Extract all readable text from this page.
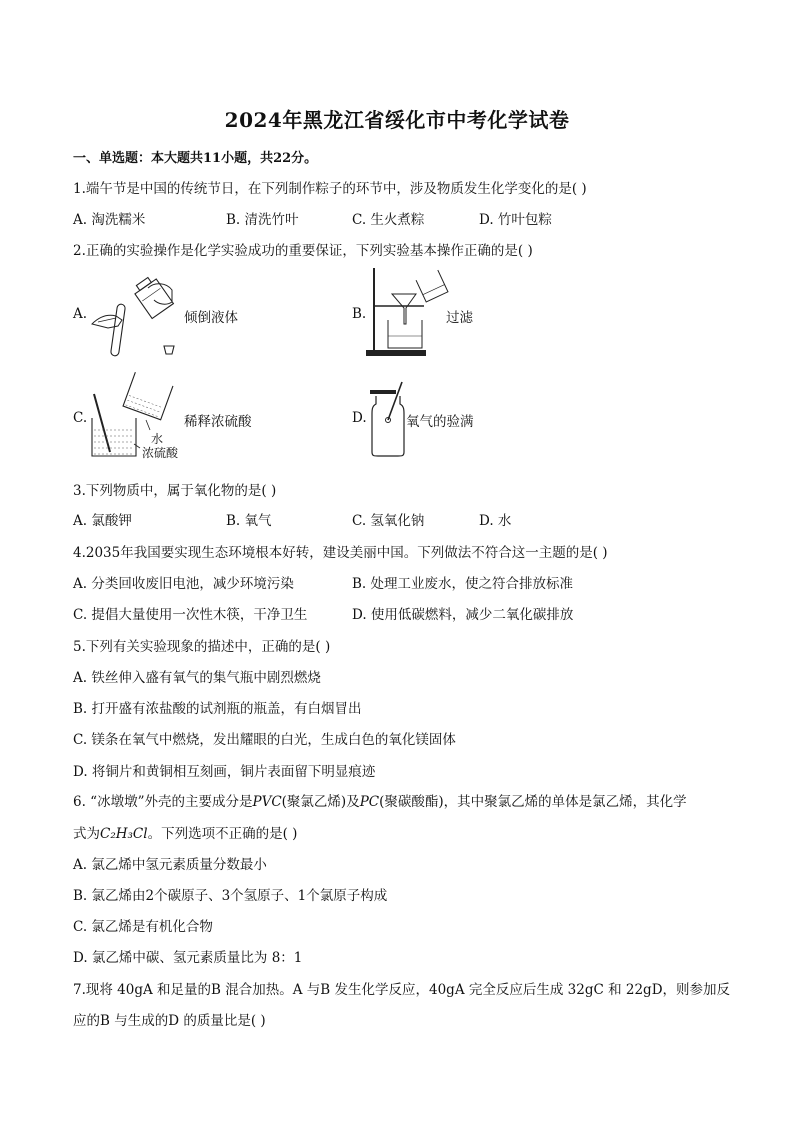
2024年黑龙江省绥化市中考化学试卷
一、单选题：本大题共11小题，共22分。
1.端午节是中国的传统节日，在下列制作粽子的环节中，涉及物质发生化学变化的是( )
A. 淘洗糯米	B. 清洗竹叶	C. 生火煮粽	D. 竹叶包粽
2.正确的实验操作是化学实验成功的重要保证，下列实验基本操作正确的是( )
A.	倾倒液体	B.	过滤
C.
水
浓硫酸
稀释浓硫酸	D.	氧气的验满
3.下列物质中，属于氧化物的是( )
A. 氯酸钾	B. 氧气	C. 氢氧化钠	D. 水
4.2035年我国要实现生态环境根本好转，建设美丽中国。下列做法不符合这一主题的是( )
A. 分类回收废旧电池，减少环境污染	B. 处理工业废水，使之符合排放标准
C. 提倡大量使用一次性木筷，干净卫生	D. 使用低碳燃料，减少二氧化碳排放
5.下列有关实验现象的描述中，正确的是( )
A. 铁丝伸入盛有氧气的集气瓶中剧烈燃烧
B. 打开盛有浓盐酸的试剂瓶的瓶盖，有白烟冒出
C. 镁条在氧气中燃烧，发出耀眼的白光，生成白色的氧化镁固体
D. 将铜片和黄铜相互刻画，铜片表面留下明显痕迹
6. “冰墩墩”外壳的主要成分是PVC(聚氯乙烯)及PC(聚碳酸酯)，其中聚氯乙烯的单体是氯乙烯，其化学
式为C₂H₃Cl。下列选项不正确的是( )
A. 氯乙烯中氢元素质量分数最小
B. 氯乙烯由2个碳原子、3个氢原子、1个氯原子构成
C. 氯乙烯是有机化合物
D. 氯乙烯中碳、氢元素质量比为 8：1
7.现将 40gA 和足量的B 混合加热。A 与B 发生化学反应，40gA 完全反应后生成 32gC 和 22gD，则参加反
应的B 与生成的D 的质量比是( )
